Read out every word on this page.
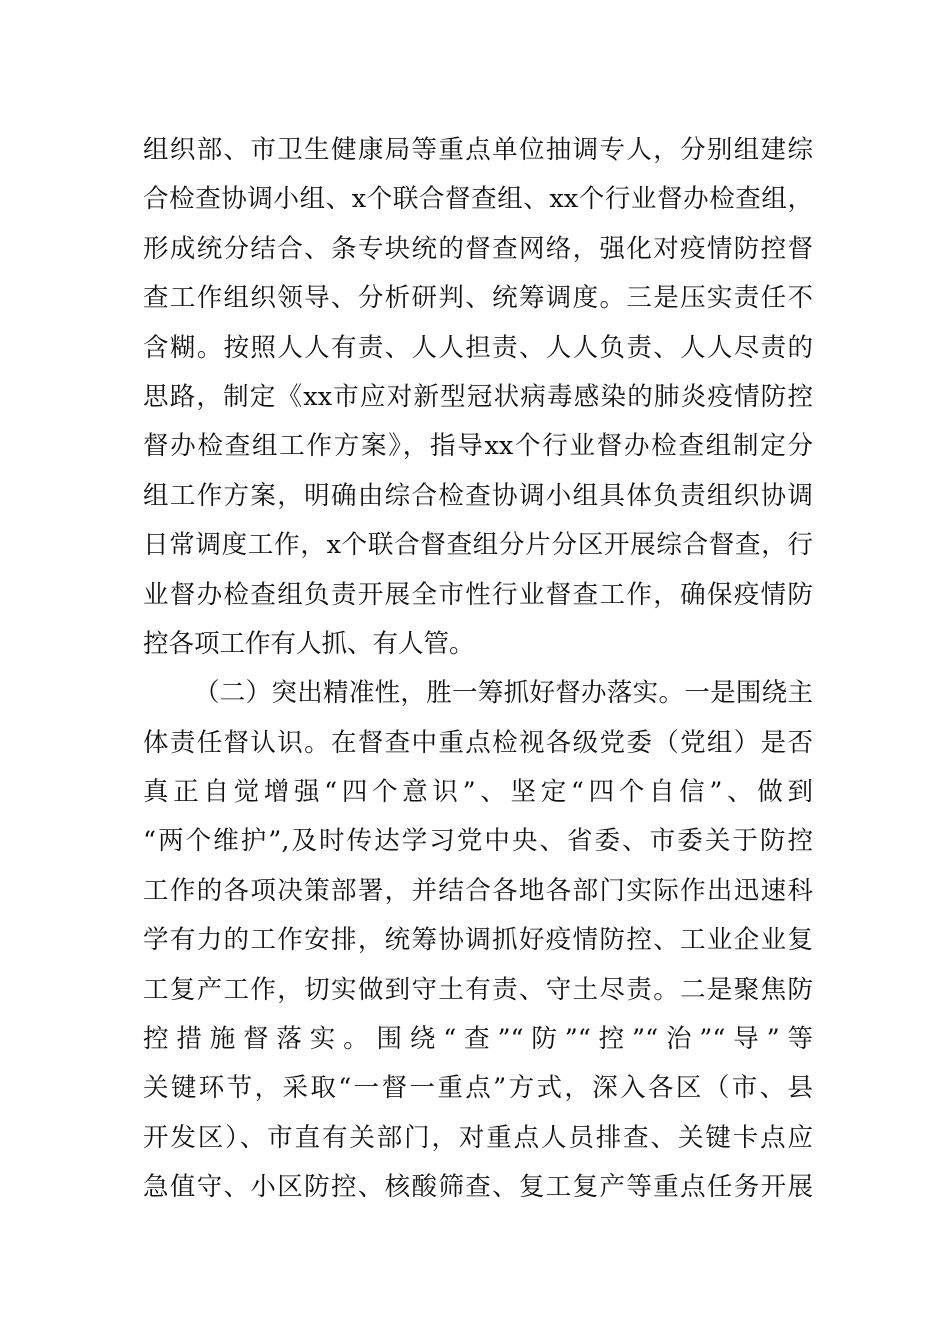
组织部、市卫生健康局等重点单位抽调专人，分别组建综
合检查协调小组、x个联合督查组、xx个行业督办检查组，
形成统分结合、条专块统的督查网络，强化对疫情防控督
查工作组织领导、分析研判、统筹调度。三是压实责任不
含糊。按照人人有责、人人担责、人人负责、人人尽责的
思路，制定《xx市应对新型冠状病毒感染的肺炎疫情防控
督办检查组工作方案》，指导xx个行业督办检查组制定分
组工作方案，明确由综合检查协调小组具体负责组织协调
日常调度工作，x个联合督查组分片分区开展综合督查，行
业督办检查组负责开展全市性行业督查工作，确保疫情防
控各项工作有人抓、有人管。
（二）突出精准性，胜一筹抓好督办落实。一是围绕主
体责任督认识。在督查中重点检视各级党委（党组）是否
真正自觉增强“四个意识”、坚定“四个自信”、做到
“两个维护”,及时传达学习党中央、省委、市委关于防控
工作的各项决策部署，并结合各地各部门实际作出迅速科
学有力的工作安排，统筹协调抓好疫情防控、工业企业复
工复产工作，切实做到守土有责、守土尽责。二是聚焦防
控措施督落实。围绕“查”“防”“控”“治”“导”等
关键环节，采取“一督一重点”方式，深入各区（市、县
开发区）、市直有关部门，对重点人员排查、关键卡点应
急值守、小区防控、核酸筛查、复工复产等重点任务开展
